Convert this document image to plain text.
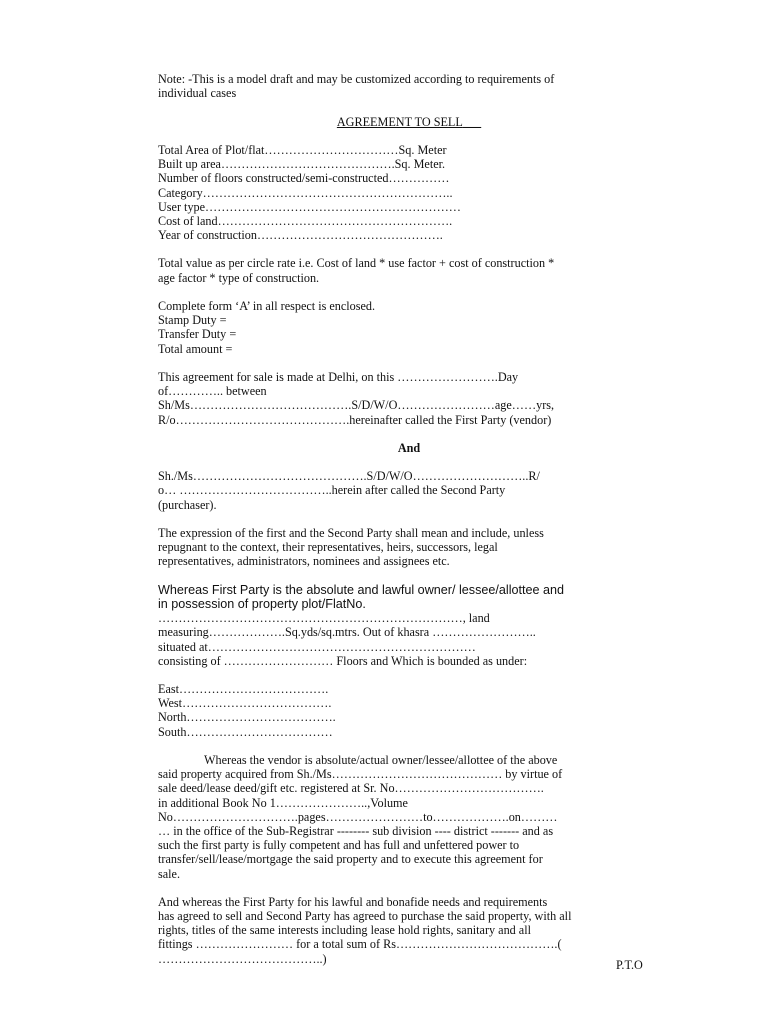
Note: -This is a model draft and may be customized according to requirements of
individual cases
AGREEMENT TO SELL___
Total Area of Plot/flat……………………………Sq. Meter
Built up area…………………………………….Sq. Meter.
Number of floors constructed/semi-constructed……………
Category……………………………………………………..
User type………………………………………………………
Cost of land………………………………………………….
Year of construction……………………………………….
Total value as per circle rate i.e. Cost of land * use factor + cost of construction *
age factor * type of construction.
Complete form ‘A’ in all respect is enclosed.
Stamp Duty =
Transfer Duty =
Total amount =
This agreement for sale is made at Delhi, on this …………………….Day
of………….. between
Sh/Ms………………………………….S/D/W/O……………………age……yrs,
R/o…………………………………….hereinafter called the First Party (vendor)
And
Sh./Ms…………………………………….S/D/W/O………………………..R/
o… ………………………………..herein after called the Second Party
(purchaser).
The expression of the first and the Second Party shall mean and include, unless
repugnant to the context, their representatives, heirs, successors, legal
representatives, administrators, nominees and assignees etc.
Whereas First Party is the absolute and lawful owner/ lessee/allottee and
in possession of property plot/FlatNo.
…………………………………………………………………, land
measuring……………….Sq.yds/sq.mtrs. Out of khasra ……………………..
situated at…………………………………………………………
consisting of ……………………… Floors and Which is bounded as under:
East……………………………….
West……………………………….
North……………………………….
South………………………………
Whereas the vendor is absolute/actual owner/lessee/allottee of the above
said property acquired from Sh./Ms…………………………………… by virtue of
sale deed/lease deed/gift etc. registered at Sr. No……………………………….
in additional Book No 1…………………..,Volume
No………………………….pages……………………to……………….on………
… in the office of the Sub-Registrar -------- sub division ---- district ------- and as
such the first party is fully competent and has full and unfettered power to
transfer/sell/lease/mortgage the said property and to execute this agreement for
sale.
And whereas the First Party for his lawful and bonafide needs and requirements
has agreed to sell and Second Party has agreed to purchase the said property, with all
rights, titles of the same interests including lease hold rights, sanitary and all
fittings …………………… for a total sum of Rs………………………………….(
…………………………………..)	P.T.O
